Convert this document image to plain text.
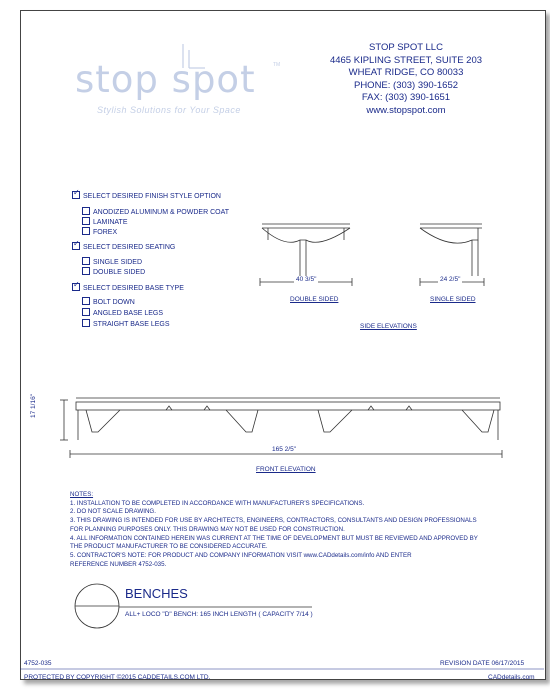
stop spot	TM
Stylish Solutions for Your Space
STOP SPOT LLC
4465 KIPLING STREET, SUITE 203
WHEAT RIDGE, CO 80033
PHONE: (303) 390-1652
FAX: (303) 390-1651
www.stopspot.com
✓SELECT DESIRED FINISH STYLE OPTION
ANODIZED ALUMINUM & POWDER COAT
LAMINATE
FOREX
✓SELECT DESIRED SEATING
SINGLE SIDED
DOUBLE SIDED
✓SELECT DESIRED BASE TYPE
BOLT DOWN
ANGLED BASE LEGS
STRAIGHT BASE LEGS
40 3/5"	24 2/5"
DOUBLE SIDED	SINGLE SIDED
SIDE ELEVATIONS
17 1/16"
165 2/5"
FRONT ELEVATION
NOTES:
1. INSTALLATION TO BE COMPLETED IN ACCORDANCE WITH MANUFACTURER'S SPECIFICATIONS.
2. DO NOT SCALE DRAWING.
3. THIS DRAWING IS INTENDED FOR USE BY ARCHITECTS, ENGINEERS, CONTRACTORS, CONSULTANTS AND DESIGN PROFESSIONALS
FOR PLANNING PURPOSES ONLY. THIS DRAWING MAY NOT BE USED FOR CONSTRUCTION.
4. ALL INFORMATION CONTAINED HEREIN WAS CURRENT AT THE TIME OF DEVELOPMENT BUT MUST BE REVIEWED AND APPROVED BY
THE PRODUCT MANUFACTURER TO BE CONSIDERED ACCURATE.
5. CONTRACTOR'S NOTE: FOR PRODUCT AND COMPANY INFORMATION VISIT www.CADdetails.com/info AND ENTER
REFERENCE NUMBER 4752-035.
BENCHES
ALL+ LOCO "D" BENCH: 165 INCH LENGTH ( CAPACITY 7/14 )
4752-035	REVISION DATE 06/17/2015
PROTECTED BY COPYRIGHT ©2015 CADDETAILS.COM LTD.	CADdetails.com
